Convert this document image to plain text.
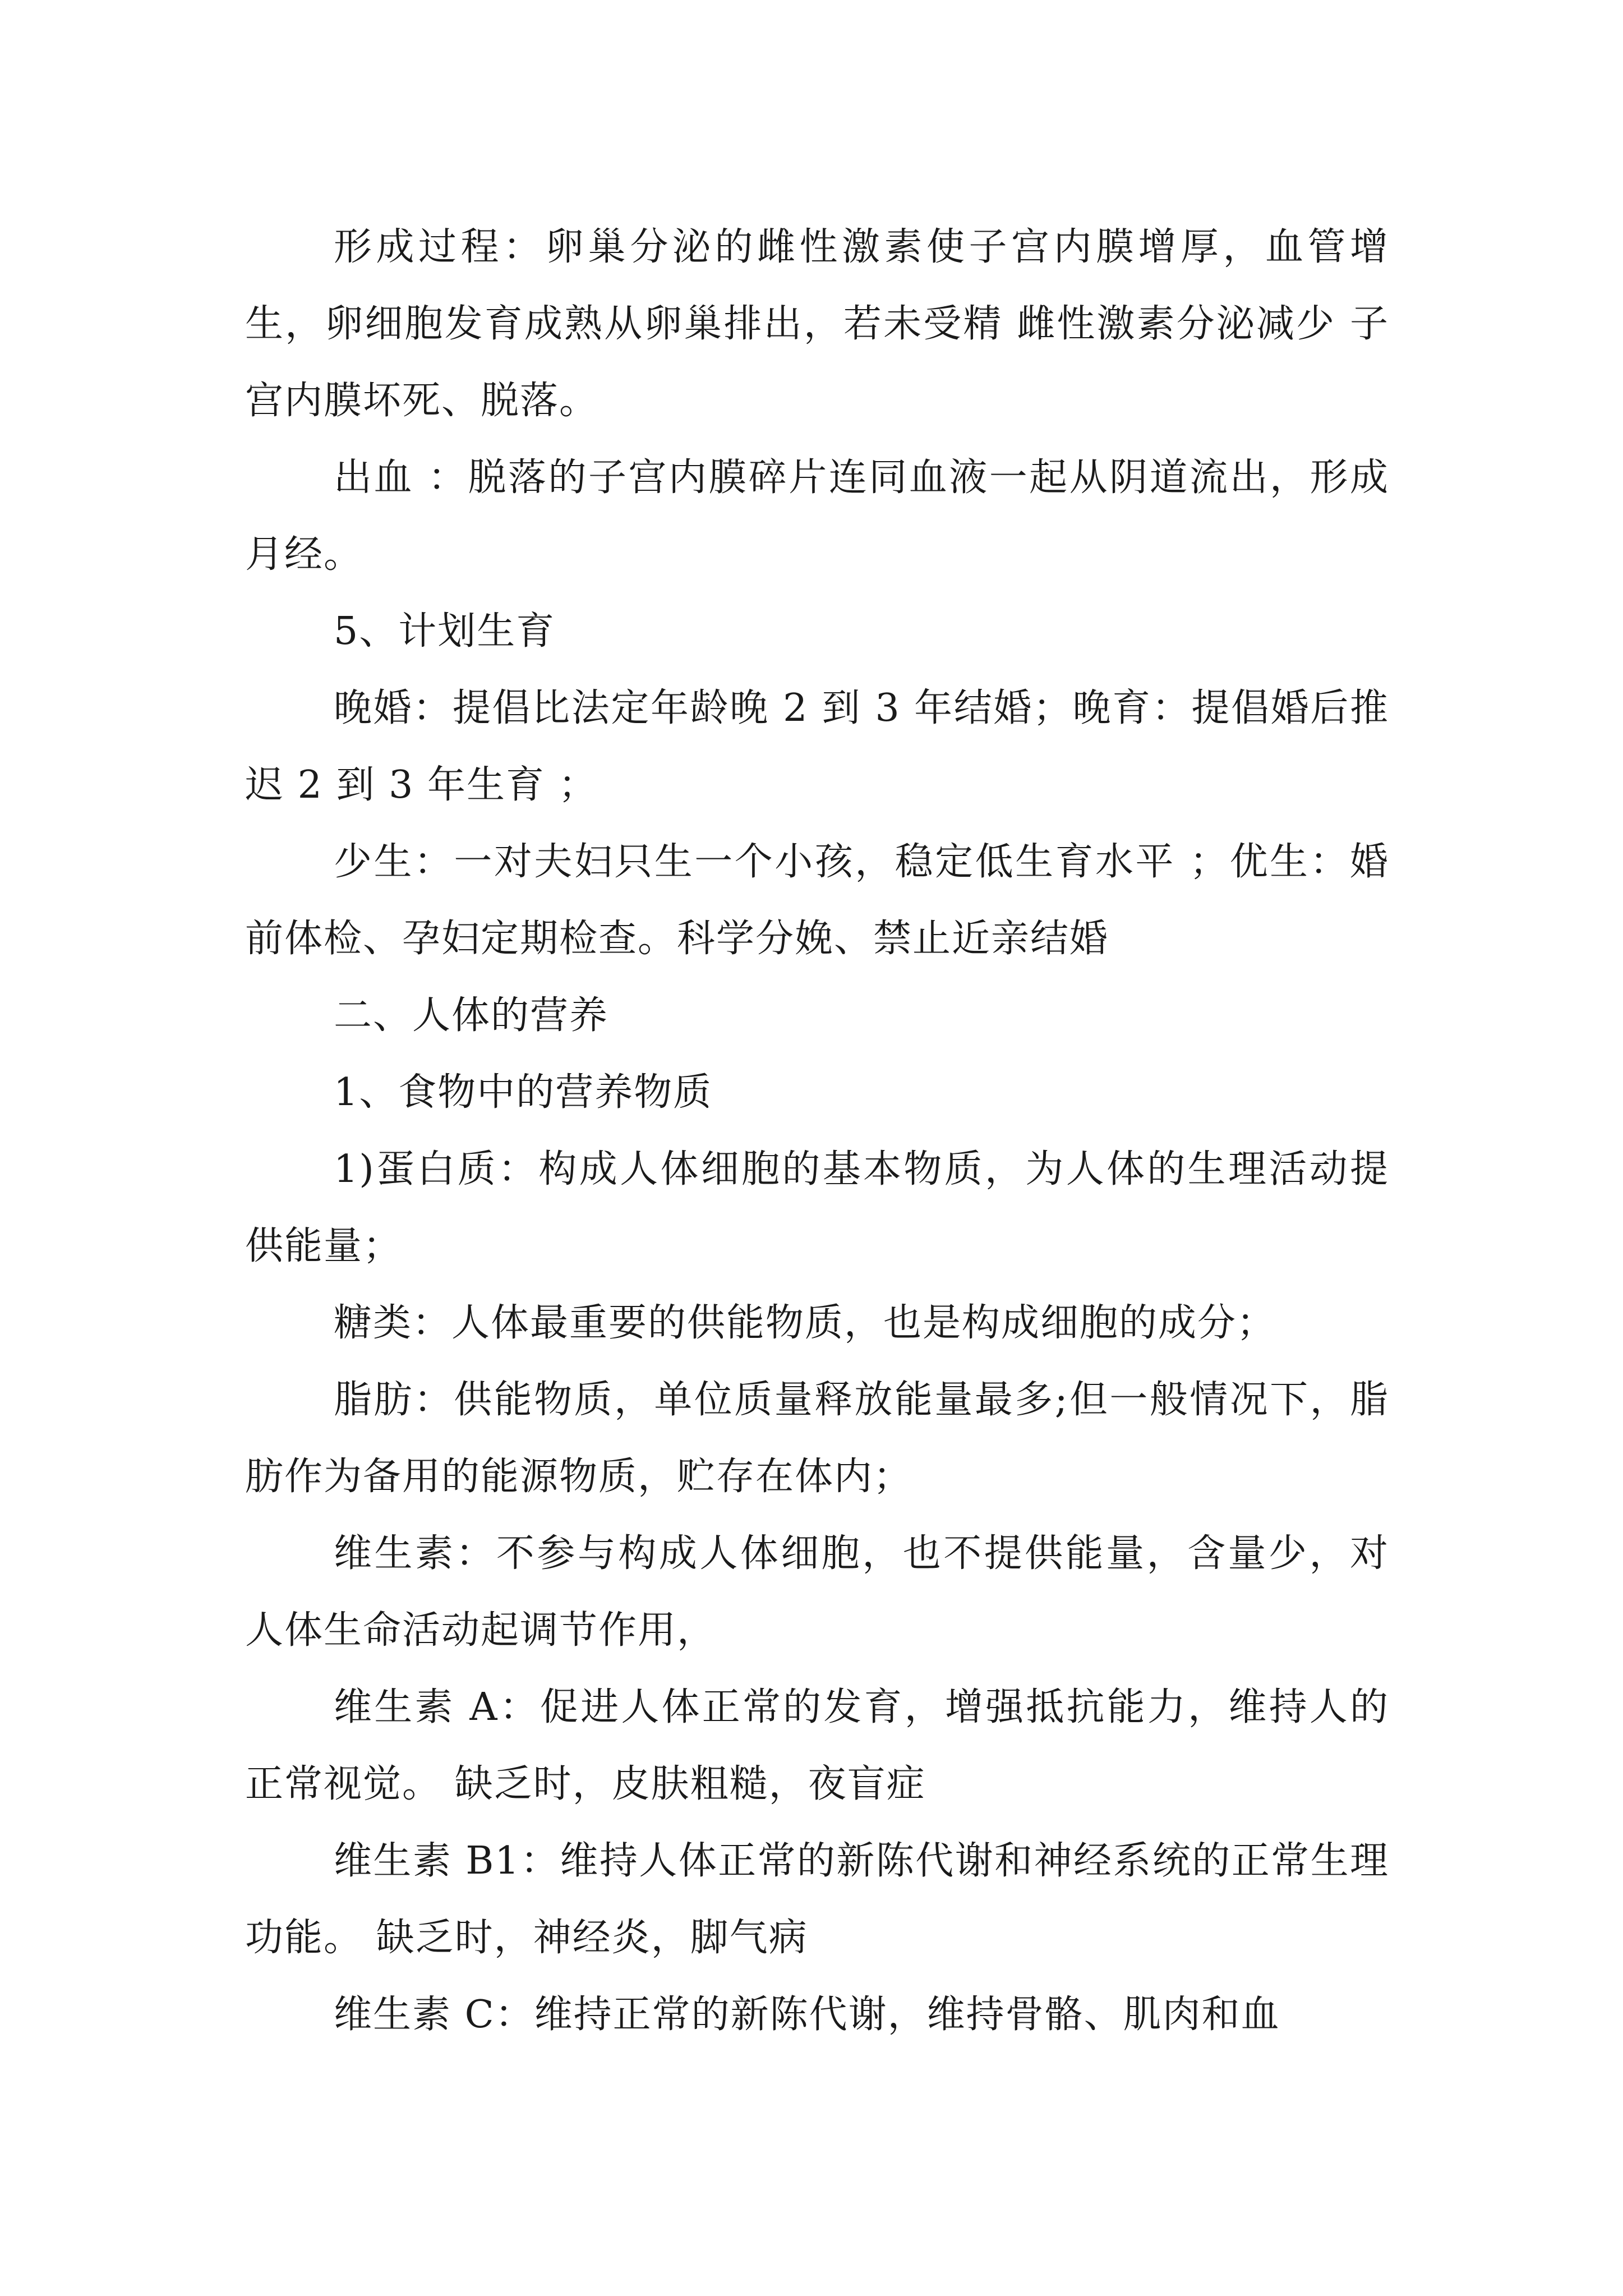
形成过程：卵巢分泌的雌性激素使子宫内膜增厚，血管增生，卵细胞发育成熟从卵巢排出，若未受精 雌性激素分泌减少 子宫内膜坏死、脱落。

出血 ：脱落的子宫内膜碎片连同血液一起从阴道流出，形成月经。

5、计划生育

晚婚：提倡比法定年龄晚 2 到 3 年结婚；晚育：提倡婚后推迟 2 到 3 年生育 ；

少生：一对夫妇只生一个小孩，稳定低生育水平 ；优生：婚前体检、孕妇定期检查。科学分娩、禁止近亲结婚

二、人体的营养

1、食物中的营养物质

1)蛋白质：构成人体细胞的基本物质，为人体的生理活动提供能量；

糖类：人体最重要的供能物质，也是构成细胞的成分；

脂肪：供能物质，单位质量释放能量最多;但一般情况下，脂肪作为备用的能源物质，贮存在体内；

维生素：不参与构成人体细胞，也不提供能量，含量少，对人体生命活动起调节作用，

维生素 A：促进人体正常的发育，增强抵抗能力，维持人的正常视觉。 缺乏时，皮肤粗糙，夜盲症

维生素 B1：维持人体正常的新陈代谢和神经系统的正常生理功能。 缺乏时，神经炎，脚气病

维生素 C：维持正常的新陈代谢，维持骨骼、肌肉和血
